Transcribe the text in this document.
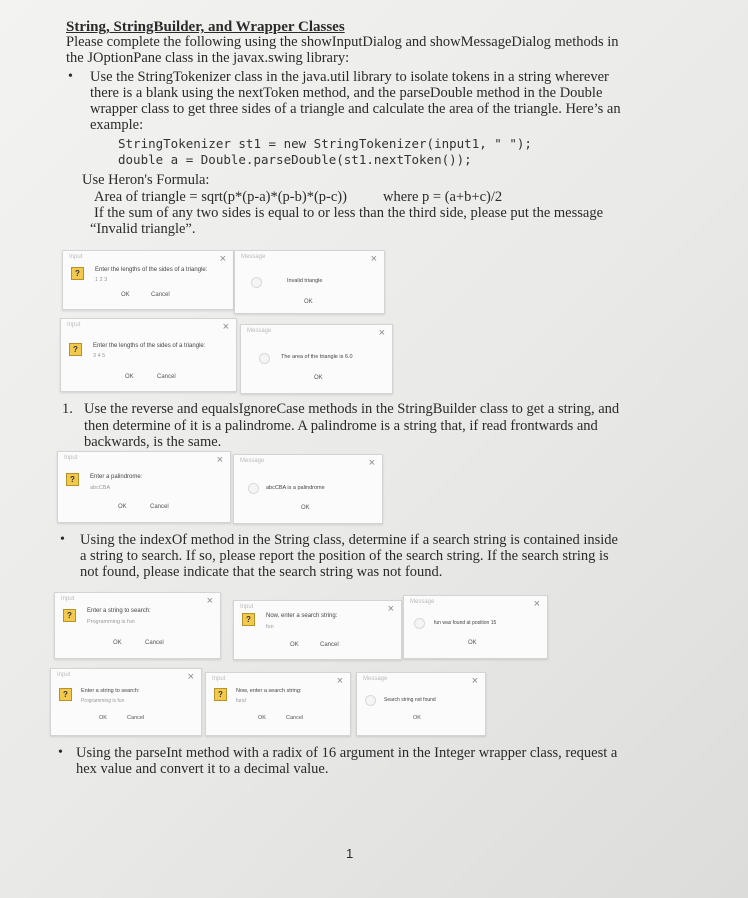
String, StringBuilder, and Wrapper Classes
Please complete the following using the showInputDialog and showMessageDialog methods in
the JOptionPane class in the javax.swing library:
• Use the StringTokenizer class in the java.util library to isolate tokens in a string wherever
there is a blank using the nextToken method, and the parseDouble method in the Double
wrapper class to get three sides of a triangle and calculate the area of the triangle. Here’s an
example:
StringTokenizer st1 = new StringTokenizer(input1, " ");
double a = Double.parseDouble(st1.nextToken());
Use Heron's Formula:
Area of triangle = sqrt(p*(p-a)*(p-b)*(p-c)) where p = (a+b+c)/2
If the sum of any two sides is equal to or less than the third side, please put the message
“Invalid triangle”.
Input	×
?	Enter the lengths of the sides of a triangle:
1 2 3
OK	Cancel
Message	×
Invalid triangle
OK
Input	×
?	Enter the lengths of the sides of a triangle:
3 4 5
OK	Cancel
Message	×
The area of the triangle is 6.0
OK
1. Use the reverse and equalsIgnoreCase methods in the StringBuilder class to get a string, and
then determine of it is a palindrome. A palindrome is a string that, if read frontwards and
backwards, is the same.
Input	×
?	Enter a palindrome:
abcCBA
OK	Cancel
Message	×
abcCBA is a palindrome
OK
• Using the indexOf method in the String class, determine if a search string is contained inside
a string to search. If so, please report the position of the search string. If the search string is
not found, please indicate that the search string was not found.
Input	×
?	Enter a string to search:
Programming is fun
OK	Cancel
Input	×
?	Now, enter a search string:
fun
OK	Cancel
Message	×
fun was found at position 15
OK
Input	×
?	Enter a string to search:
Programming is fun
OK	Cancel
Input	×
?	Now, enter a search string:
fund
OK	Cancel
Message	×
Search string not found
OK
• Using the parseInt method with a radix of 16 argument in the Integer wrapper class, request a
hex value and convert it to a decimal value.
1
